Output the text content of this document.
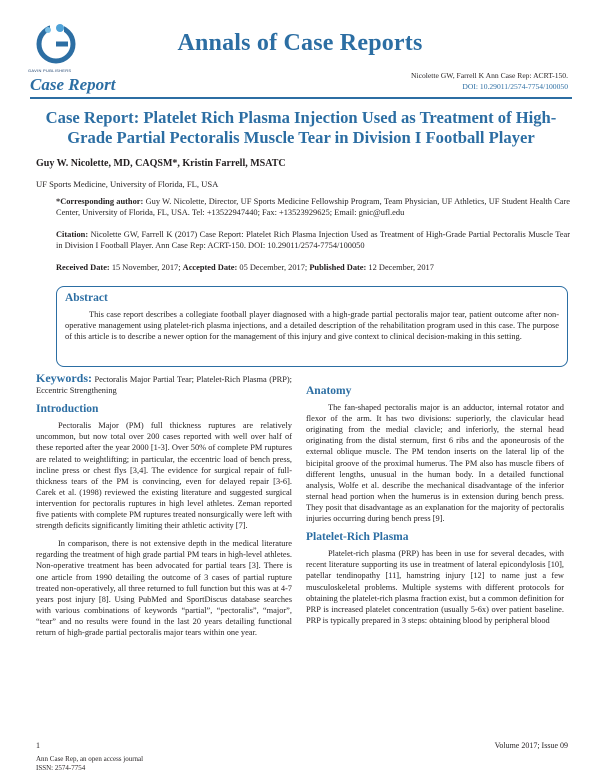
GAVIN PUBLISHERS
Annals of Case Reports
Case Report	Nicolette GW, Farrell K Ann Case Rep: ACRT-150.
DOI: 10.29011/2574-7754/100050
Case Report: Platelet Rich Plasma Injection Used as Treatment of High-Grade Partial Pectoralis Muscle Tear in Division I Football Player
Guy W. Nicolette, MD, CAQSM*, Kristin Farrell, MSATC
UF Sports Medicine, University of Florida, FL, USA
*Corresponding author: Guy W. Nicolette, Director, UF Sports Medicine Fellowship Program, Team Physician, UF Athletics, UF Student Health Care Center, University of Florida, FL, USA. Tel: +13522947440; Fax: +13523929625; Email: gnic@ufl.edu
Citation: Nicolette GW, Farrell K (2017) Case Report: Platelet Rich Plasma Injection Used as Treatment of High-Grade Partial Pectoralis Muscle Tear in Division I Football Player. Ann Case Rep: ACRT-150. DOI: 10.29011/2574-7754/100050
Received Date: 15 November, 2017; Accepted Date: 05 December, 2017; Published Date: 12 December, 2017
Abstract
This case report describes a collegiate football player diagnosed with a high-grade partial pectoralis major tear, patient outcome after non-operative management using platelet-rich plasma injections, and a detailed description of the rehabilitation program used in this case. The purpose of this article is to describe a newer option for the management of this injury and give context to clinical decision-making in this setting.
Keywords: Pectoralis Major Partial Tear; Platelet-Rich Plasma (PRP); Eccentric Strengthening
Introduction

Pectoralis Major (PM) full thickness ruptures are relatively uncommon, but now total over 200 cases reported with well over half of these reported after the year 2000 [1-3]. Over 50% of complete PM ruptures are related to weightlifting; in particular, the eccentric load of bench press, incline press or chest flys [3,4]. The evidence for surgical repair of full-thickness tears of the PM is convincing, even for delayed repair [3-6]. Carek et al. (1998) reviewed the existing literature and suggested surgical intervention for pectoralis ruptures in high level athletes. Zeman reported five patients with complete PM ruptures treated nonsurgically were left with strength deficits significantly limiting their athletic activity [7].

In comparison, there is not extensive depth in the medical literature regarding the treatment of high grade partial PM tears in high-level athletes. Non-operative treatment has been advocated for partial tears [3]. There is one article from 1990 detailing the outcome of 3 cases of partial rupture treated non-operatively, all three returned to full function but this was at 4-7 years post injury [8]. Using PubMed and SportDiscus database searches with various combinations of keywords “partial”, “pectoralis”, “major”, “tear” and no results were found in the last 20 years detailing functional return of high-grade partial pectoralis major tears within one year.

Anatomy

The fan-shaped pectoralis major is an adductor, internal rotator and flexor of the arm. It has two divisions: superiorly, the clavicular head originating from the medial clavicle; and inferiorly, the sternal head originating from the distal sternum, first 6 ribs and the aponeurosis of the external oblique muscle. The PM tendon inserts on the lateral lip of the bicipital groove of the proximal humerus. The PM also has muscle fibers of different lengths, unusual in the human body. In a detailed functional analysis, Wolfe et al. describe the mechanical disadvantage of the inferior sternal head portion when the humerus is in extension during bench press. They posit that disadvantage as an explanation for the majority of pectoralis injuries occurring during bench press [9].

Platelet-Rich Plasma

Platelet-rich plasma (PRP) has been in use for several decades, with recent literature supporting its use in treatment of lateral epicondylosis [10], patellar tendinopathy [11], hamstring injury [12] to name just a few musculoskeletal problems. Multiple systems with different protocols for obtaining the platelet-rich plasma fraction exist, but a common definition for PRP is increased platelet concentration (usually 5-6x) over patient baseline. PRP is typically prepared in 3 steps: obtaining blood by peripheral blood

1	Volume 2017; Issue 09
Ann Case Rep, an open access journal
ISSN: 2574-7754
